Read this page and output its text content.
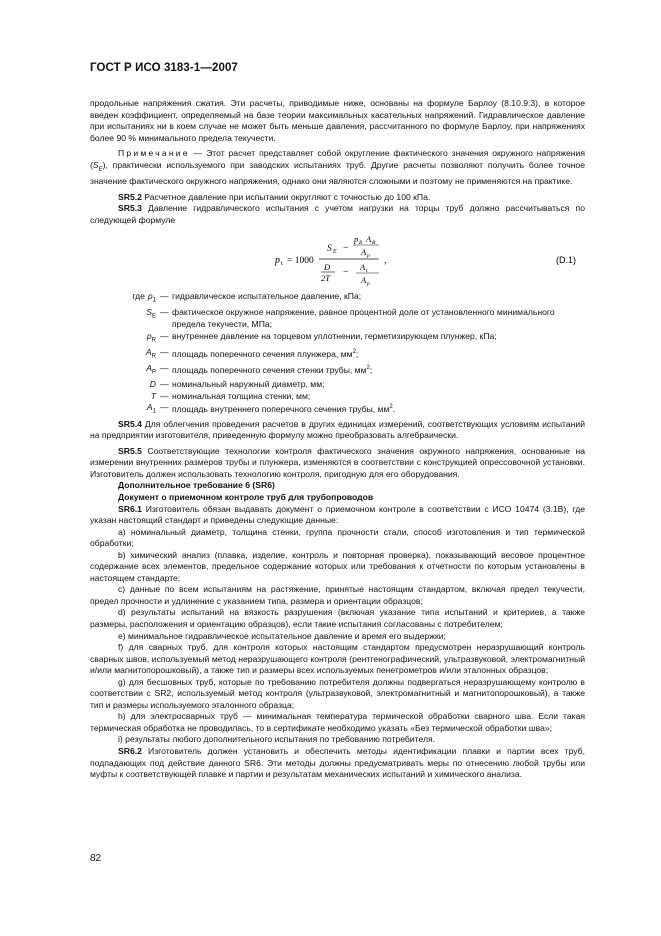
ГОСТ Р ИСО 3183-1—2007

продольные напряжения сжатия. Эти расчеты, приводимые ниже, основаны на формуле Барлоу (8.10.9.3), в которое введен коэффициент, определяемый на базе теории максимальных касательных напряжений. Гидравлическое давление при испытаниях ни в коем случае не может быть меньше давления, рассчитанного по формуле Барлоу, при напряжениях более 90 % минимального предела текучести.

Примечание — Этот расчет представляет собой округление фактического значения окружного напряжения $(S_E)$, практически используемого при заводских испытаниях труб. Другие расчеты позволяют получить более точное значение фактического окружного напряжения, однако они являются сложными и поэтому не применяются на практике.

SR5.2 Расчетное давление при испытании округляют с точностью до 100 кПа.

SR5.3 Давление гидравлического испытания с учетом нагрузки на торцы труб должно рассчитываться по следующей формуле

p t = 1000
S E −
p R A R
A p
D
2T −
A i
A p
,	(D.1)
где $p_1$ — гидравлическое испытательное давление, кПа;
$S_E$ — фактическое окружное напряжение, равное процентной доле от установленного минимального предела текучести, МПа;
$p_R$ — внутреннее давление на торцевом уплотнении, герметизирующем плунжер, кПа;
$A_R$ — площадь поперечного сечения плунжера, $мм^2$;
$A_P$ — площадь поперечного сечения стенки трубы, $мм^2$;
D — номинальный наружный диаметр, мм;
T — номинальная толщина стенки, мм;
$A_1$ — площадь внутреннего поперечного сечения трубы, $мм^2$.

SR5.4 Для облегчения проведения расчетов в других единицах измерений, соответствующих условиям испытаний на предприятии изготовителя, приведенную формулу можно преобразовать алгебраически.

SR5.5 Соответствующие технологии контроля фактического значения окружного напряжения, основанные на измерении внутренних размеров трубы и плунжера, изменяются в соответствии с конструкцией опрессовочной установки. Изготовитель должен использовать технологию контроля, пригодную для его оборудования.

Дополнительное требование 6 (SR6)

Документ о приемочном контроле труб для трубопроводов

SR6.1 Изготовитель обязан выдавать документ о приемочном контроле в соответствии с ИСО 10474 (3.1B), где указан настоящий стандарт и приведены следующие данные:

a) номинальный диаметр, толщина стенки, группа прочности стали, способ изготовления и тип термической обработки;

b) химический анализ (плавка, изделие, контроль и повторная проверка), показывающий весовое процентное содержание всех элементов, предельное содержание которых или требования к отчетности по которым установлены в настоящем стандарте;

c) данные по всем испытаниям на растяжение, принятые настоящим стандартом, включая предел текучести, предел прочности и удлинение с указанием типа, размера и ориентации образцов;

d) результаты испытаний на вязкость разрушения (включая указание типа испытаний и критериев, а также размеры, расположения и ориентацию образцов), если такие испытания согласованы с потребителем;

e) минимальное гидравлическое испытательное давление и время его выдержки;

f) для сварных труб, для контроля которых настоящим стандартом предусмотрен неразрушающий контроль сварных швов, используемый метод неразрушающего контроля (рентгенографический, ультразвуковой, электромагнитный и/или магнитопорошковый), а также тип и размеры всех используемых пенетрометров и/или эталонных образцов;

g) для бесшовных труб, которые по требованию потребителя должны подвергаться неразрушающему контролю в соответствии с SR2, используемый метод контроля (ультразвуковой, электромагнитный и магнитопорошковый), а также тип и размеры используемого эталонного образца;

h) для электросварных труб — минимальная температура термической обработки сварного шва. Если такая термическая обработка не проводилась, то в сертификате необходимо указать «Без термической обработки шва»;

i) результаты любого дополнительного испытания по требованию потребителя.

SR6.2 Изготовитель должен установить и обеспечить методы идентификации плавки и партии всех труб, подпадающих под действие данного SR6. Эти методы должны предусматривать меры по отнесению любой трубы или муфты к соответствующей плавке и партии и результатам механических испытаний и химического анализа.

82
